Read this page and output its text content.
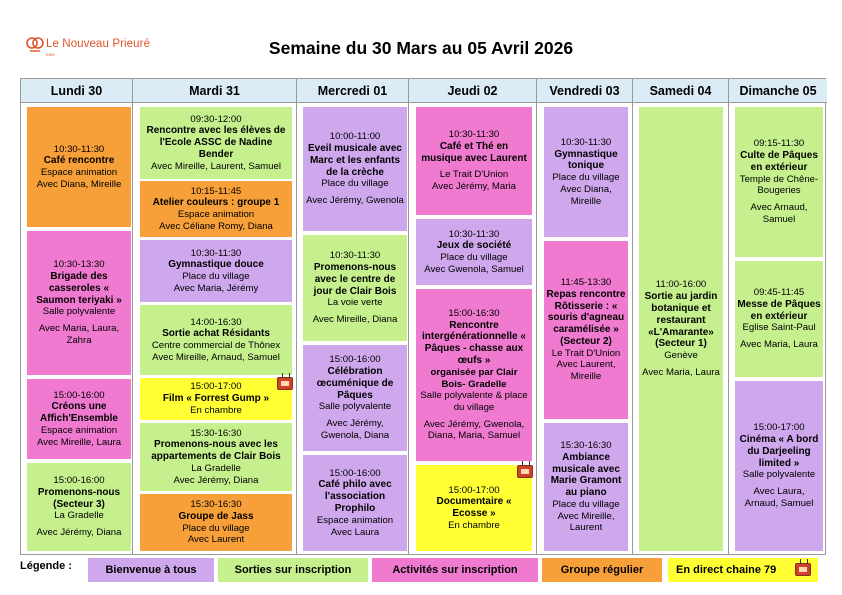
Le Nouveau Prieuré
EMS	Semaine du 30 Mars au 05 Avril 2026
Lundi 30
10:30-11:30
Café rencontre
Espace animation
Avec Diana, Mireille
10:30-13:30
Brigade des casseroles « Saumon teriyaki »
Salle polyvalente
Avec Maria, Laura, Zahra
15:00-16:00
Créons une Affich'Ensemble
Espace animation
Avec Mireille, Laura
15:00-16:00
Promenons-nous (Secteur 3)
La Gradelle
Avec Jérémy, Diana
Mardi 31
09:30-12:00
Rencontre avec les élèves de l'Ecole ASSC de Nadine Bender
Avec Mireille, Laurent, Samuel
10:15-11:45
Atelier couleurs : groupe 1
Espace animation
Avec Céliane Romy, Diana
10:30-11:30
Gymnastique douce
Place du village
Avec Maria, Jérémy
14:00-16:30
Sortie achat Résidants
Centre commercial de Thônex
Avec Mireille, Arnaud, Samuel
15:00-17:00
Film « Forrest Gump »
En chambre
15:30-16:30
Promenons-nous avec les appartements de Clair Bois
La Gradelle
Avec Jérémy, Diana
15:30-16:30
Groupe de Jass
Place du village
Avec Laurent
Mercredi 01
10:00-11:00
Eveil musicale avec Marc et les enfants de la crèche
Place du village
Avec Jérémy, Gwenola
10:30-11:30
Promenons-nous avec le centre de jour de Clair Bois
La voie verte
Avec Mireille, Diana
15:00-16:00
Célébration œcuménique de Pâques
Salle polyvalente
Avec Jérémy, Gwenola, Diana
15:00-16:00
Café philo avec l'association Prophilo
Espace animation
Avec Laura
Jeudi 02
10:30-11:30
Café et Thé en musique avec Laurent
Le Trait D'Union
Avec Jérémy, Maria
10:30-11:30
Jeux de société
Place du village
Avec Gwenola, Samuel
15:00-16:30
Rencontre intergénérationnelle « Pâques - chasse aux œufs »
organisée par Clair Bois- Gradelle
Salle polyvalente & place du village
Avec Jérémy, Gwenola, Diana, Maria, Samuel
15:00-17:00
Documentaire « Ecosse »
En chambre
Vendredi 03
10:30-11:30
Gymnastique tonique
Place du village
Avec Diana, Mireille
11:45-13:30
Repas rencontre Rôtisserie : « souris d'agneau caramélisée » (Secteur 2)
Le Trait D'Union
Avec Laurent, Mireille
15:30-16:30
Ambiance musicale avec Marie Gramont au piano
Place du village
Avec Mireille, Laurent
Samedi 04
11:00-16:00
Sortie au jardin botanique et restaurant «L'Amarante» (Secteur 1)
Genève
Avec Maria, Laura
Dimanche 05
09:15-11:30
Culte de Pâques en extérieur
Temple de Chêne-Bougeries
Avec Arnaud, Samuel
09:45-11:45
Messe de Pâques en extérieur
Eglise Saint-Paul
Avec Maria, Laura
15:00-17:00
Cinéma « A bord du Darjeeling limited »
Salle polyvalente
Avec Laura, Arnaud, Samuel
Légende :	Bienvenue à tous	Sorties sur inscription	Activités sur inscription	Groupe régulier	En direct chaine 79
